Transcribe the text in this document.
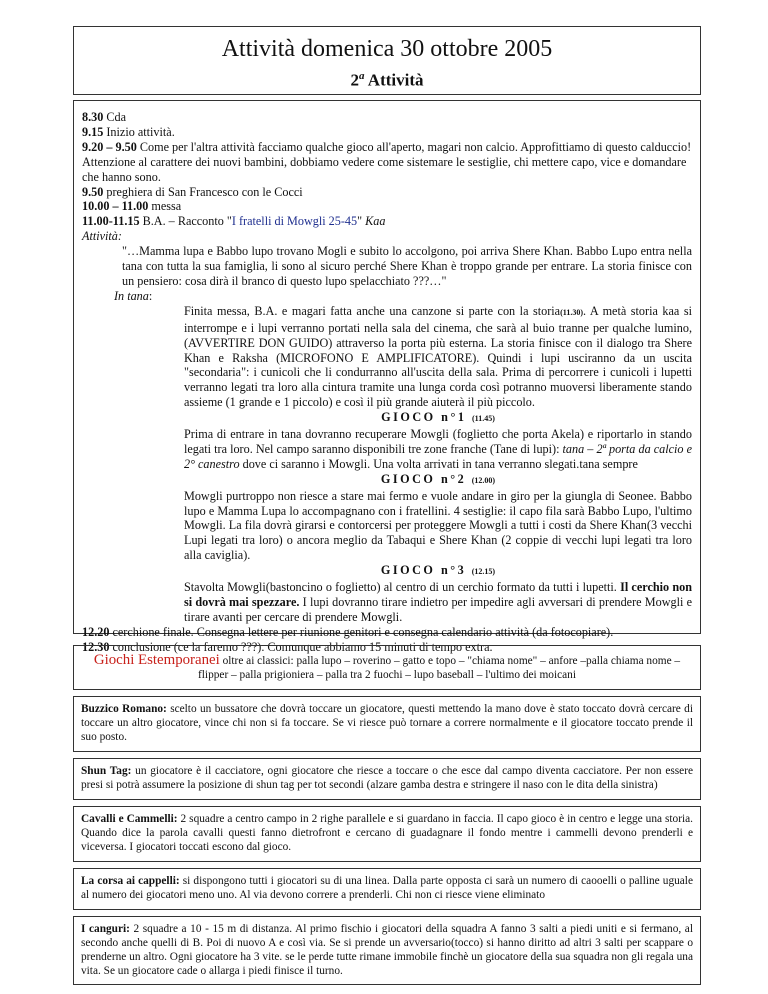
Attività domenica 30 ottobre 2005
2$^a$ Attività

8.30 Cda

9.15 Inizio attività.

9.20 – 9.50 Come per l'altra attività facciamo qualche gioco all'aperto, magari non calcio. Approfittiamo di questo calduccio! Attenzione al carattere dei nuovi bambini, dobbiamo vedere come sistemare le sestiglie, chi mettere capo, vice e domandare che hanno sono.

9.50 preghiera di San Francesco con le Cocci

10.00 – 11.00 messa

11.00-11.15 B.A. – Racconto "I fratelli di Mowgli 25-45" Kaa

Attività:

"…Mamma lupa e Babbo lupo trovano Mogli e subito lo accolgono, poi arriva Shere Khan. Babbo Lupo entra nella tana con tutta la sua famiglia, li sono al sicuro perché Shere Khan è troppo grande per entrare. La storia finisce con un pensiero: cosa dirà il branco di questo lupo spelacchiato ???…"

In tana:

Finita messa, B.A. e magari fatta anche una canzone si parte con la storia(11.30). A metà storia kaa si interrompe e i lupi verranno portati nella sala del cinema, che sarà al buio tranne per qualche lumino, (AVVERTIRE DON GUIDO) attraverso la porta più esterna. La storia finisce con il dialogo tra Shere Khan e Raksha (MICROFONO E AMPLIFICATORE). Quindi i lupi usciranno da un uscita "secondaria": i cunicoli che li condurranno all'uscita della sala. Prima di percorrere i cunicoli i lupetti verranno legati tra loro alla cintura tramite una lunga corda così potranno muoversi liberamente stando assieme (1 grande e 1 piccolo) e così il più grande aiuterà il più piccolo.

GIOCO n°1 (11.45)

Prima di entrare in tana dovranno recuperare Mowgli (foglietto che porta Akela) e riportarlo in stando legati tra loro. Nel campo saranno disponibili tre zone franche (Tane di lupi): tana – 2ª porta da calcio e 2° canestro dove ci saranno i Mowgli. Una volta arrivati in tana verranno slegati.tana sempre

GIOCO n°2 (12.00)

Mowgli purtroppo non riesce a stare mai fermo e vuole andare in giro per la giungla di Seonee. Babbo lupo e Mamma Lupa lo accompagnano con i fratellini. 4 sestiglie: il capo fila sarà Babbo Lupo, l'ultimo Mowgli. La fila dovrà girarsi e contorcersi per proteggere Mowgli a tutti i costi da Shere Khan(3 vecchi Lupi legati tra loro) o ancora meglio da Tabaqui e Shere Khan (2 coppie di vecchi lupi legati tra loro alla caviglia).

GIOCO n°3 (12.15)

Stavolta Mowgli(bastoncino o foglietto) al centro di un cerchio formato da tutti i lupetti. Il cerchio non si dovrà mai spezzare. I lupi dovranno tirare indietro per impedire agli avversari di prendere Mowgli e tirare avanti per cercare di prendere Mowgli.

12.20 cerchione finale. Consegna lettere per riunione genitori e consegna calendario attività (da fotocopiare).

12.30 conclusione (ce la faremo ???). Comunque abbiamo 15 minuti di tempo extra.

Giochi Estemporanei oltre ai classici: palla lupo – roverino – gatto e topo – "chiama nome" – anfore –palla chiama nome – flipper – palla prigioniera – palla tra 2 fuochi – lupo baseball – l'ultimo dei moicani
Buzzico Romano: scelto un bussatore che dovrà toccare un giocatore, questi mettendo la mano dove è stato toccato dovrà cercare di toccare un altro giocatore, vince chi non si fa toccare. Se vi riesce può tornare a correre normalmente e il giocatore toccato prende il suo posto.
Shun Tag: un giocatore è il cacciatore, ogni giocatore che riesce a toccare o che esce dal campo diventa cacciatore. Per non essere presi si potrà assumere la posizione di shun tag per tot secondi (alzare gamba destra e stringere il naso con le dita della sinistra)
Cavalli e Cammelli: 2 squadre a centro campo in 2 righe parallele e si guardano in faccia. Il capo gioco è in centro e legge una storia. Quando dice la parola cavalli questi fanno dietrofront e cercano di guadagnare il fondo mentre i cammelli devono prenderli e viceversa. I giocatori toccati escono dal gioco.
La corsa ai cappelli: si dispongono tutti i giocatori su di una linea. Dalla parte opposta ci sarà un numero di caooelli o palline uguale al numero dei giocatori meno uno. Al via devono correre a prenderli. Chi non ci riesce viene eliminato
I canguri: 2 squadre a 10 - 15 m di distanza. Al primo fischio i giocatori della squadra A fanno 3 salti a piedi uniti e si fermano, al secondo anche quelli di B. Poi di nuovo A e così via. Se si prende un avversario(tocco) si hanno diritto ad altri 3 salti per scappare o prenderne un altro. Ogni giocatore ha 3 vite. se le perde tutte rimane immobile finchè un giocatore della sua squadra non gli regala una vita. Se un giocatore cade o allarga i piedi finisce il turno.
